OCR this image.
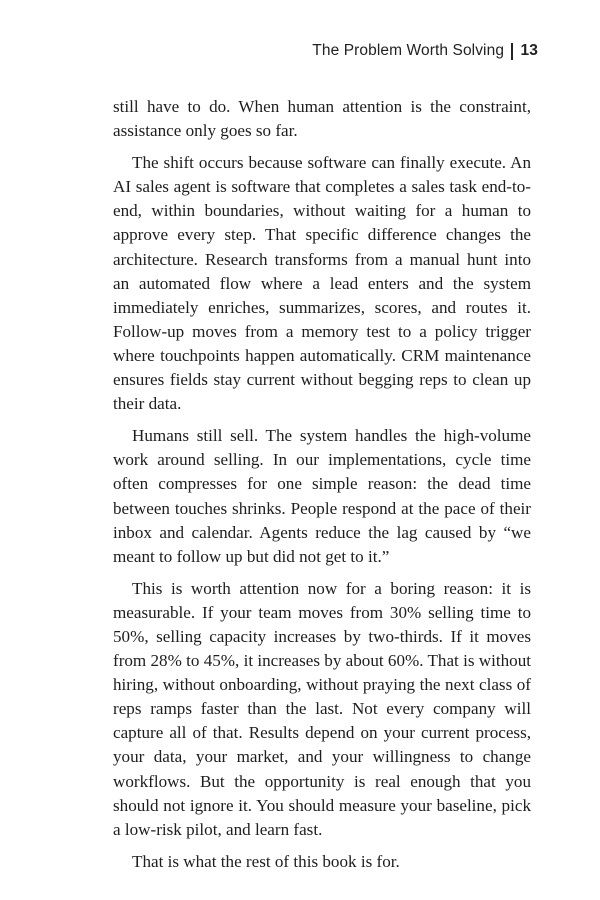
The Problem Worth Solving 13

still have to do. When human attention is the constraint, assistance only goes so far.

The shift occurs because software can finally execute. An AI sales agent is software that completes a sales task end-to-end, within boundaries, without waiting for a human to approve every step. That specific difference changes the architecture. Research transforms from a manual hunt into an automated flow where a lead enters and the system immediately enriches, summarizes, scores, and routes it. Follow-up moves from a memory test to a policy trigger where touchpoints happen automatically. CRM maintenance ensures fields stay current without begging reps to clean up their data.

Humans still sell. The system handles the high-volume work around selling. In our implementations, cycle time often compresses for one simple reason: the dead time between touches shrinks. People respond at the pace of their inbox and calendar. Agents reduce the lag caused by “we meant to follow up but did not get to it.”

This is worth attention now for a boring reason: it is measurable. If your team moves from 30% selling time to 50%, selling capacity increases by two-thirds. If it moves from 28% to 45%, it increases by about 60%. That is without hiring, without onboarding, without praying the next class of reps ramps faster than the last. Not every company will capture all of that. Results depend on your current process, your data, your market, and your willingness to change workflows. But the opportunity is real enough that you should not ignore it. You should measure your baseline, pick a low-risk pilot, and learn fast.

That is what the rest of this book is for.
